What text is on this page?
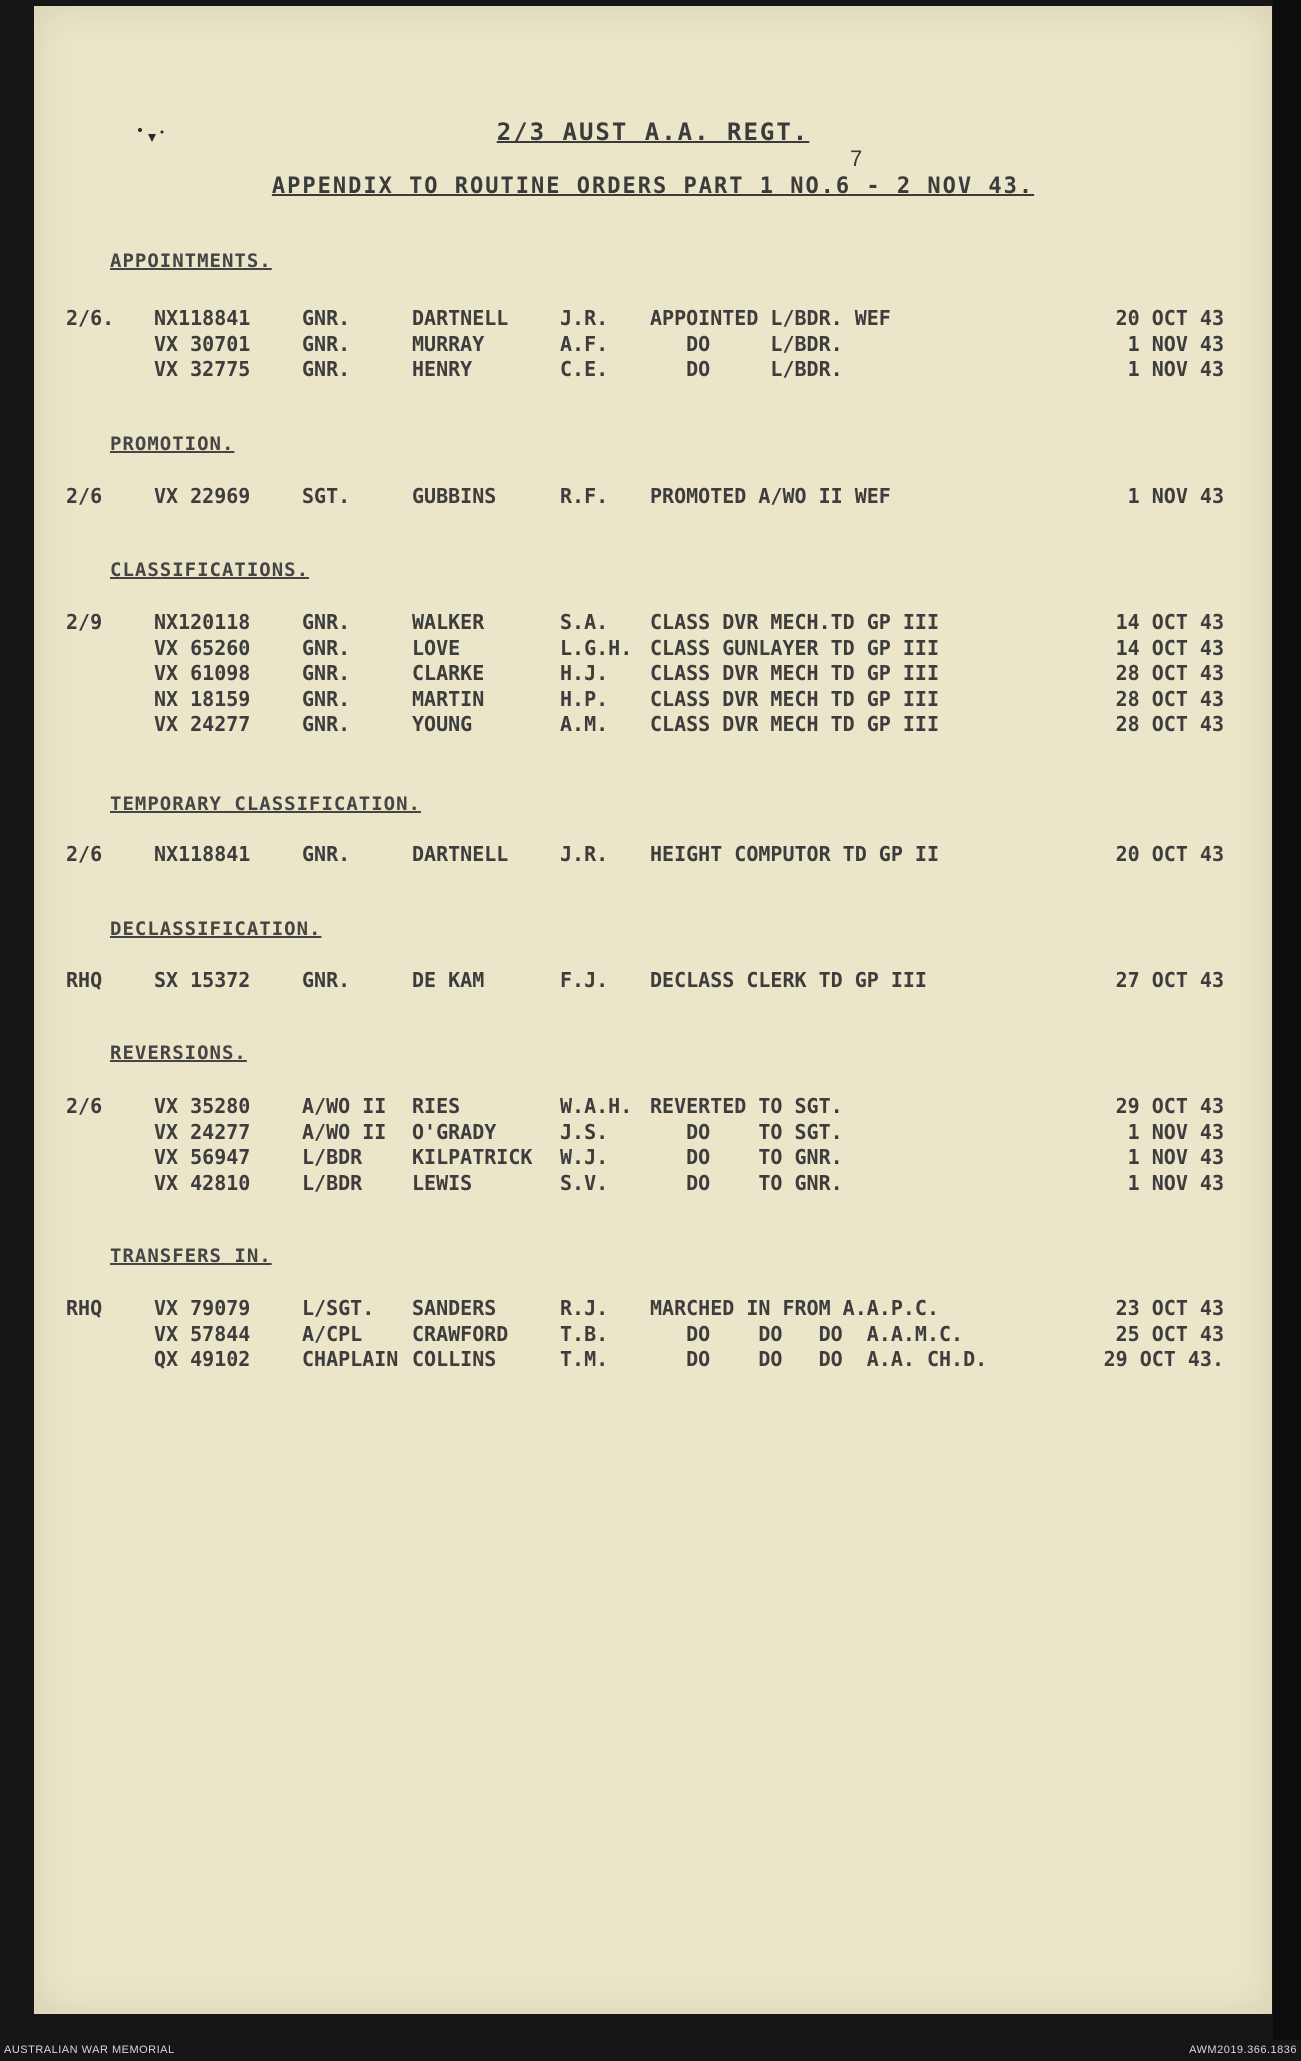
7
2/3 AUST A.A. REGT.
APPENDIX TO ROUTINE ORDERS PART 1 NO.6 - 2 NOV 43.
APPOINTMENTS.
2/6. NX118841	GNR.	DARTNELL	J.R. APPOINTED L/BDR. WEF	20 OCT 43
VX 30701	GNR.	MURRAY	A.F. DO     L/BDR.	1 NOV 43
VX 32775	GNR.	HENRY	C.E. DO     L/BDR.	1 NOV 43
PROMOTION.
2/6	VX 22969	SGT.	GUBBINS	R.F. PROMOTED A/WO II WEF	1 NOV 43
CLASSIFICATIONS.
2/9	NX120118	GNR.	WALKER	S.A. CLASS DVR MECH.TD GP III	14 OCT 43
VX 65260	GNR.	LOVE	L.G.H. CLASS GUNLAYER TD GP III	14 OCT 43
VX 61098	GNR.	CLARKE	H.J. CLASS DVR MECH TD GP III	28 OCT 43
NX 18159	GNR.	MARTIN	H.P. CLASS DVR MECH TD GP III	28 OCT 43
VX 24277	GNR.	YOUNG	A.M. CLASS DVR MECH TD GP III	28 OCT 43
TEMPORARY CLASSIFICATION.
2/6	NX118841	GNR.	DARTNELL	J.R. HEIGHT COMPUTOR TD GP II	20 OCT 43
DECLASSIFICATION.
RHQ	SX 15372	GNR.	DE KAM	F.J. DECLASS CLERK TD GP III	27 OCT 43
REVERSIONS.
2/6	VX 35280	A/WO II RIES	W.A.H. REVERTED TO SGT.	29 OCT 43
VX 24277	A/WO II O'GRADY	J.S. DO    TO SGT.	1 NOV 43
VX 56947	L/BDR KILPATRICK W.J. DO    TO GNR.	1 NOV 43
VX 42810	L/BDR LEWIS	S.V. DO    TO GNR.	1 NOV 43
TRANSFERS IN.
RHQ	VX 79079	L/SGT. SANDERS	R.J. MARCHED IN FROM A.A.P.C.	23 OCT 43
VX 57844	A/CPL CRAWFORD	T.B. DO    DO   DO  A.A.M.C.	25 OCT 43
QX 49102	CHAPLAIN COLLINS	T.M. DO    DO   DO  A.A. CH.D.	29 OCT 43.
AUSTRALIAN WAR MEMORIAL	AWM2019.366.1836
